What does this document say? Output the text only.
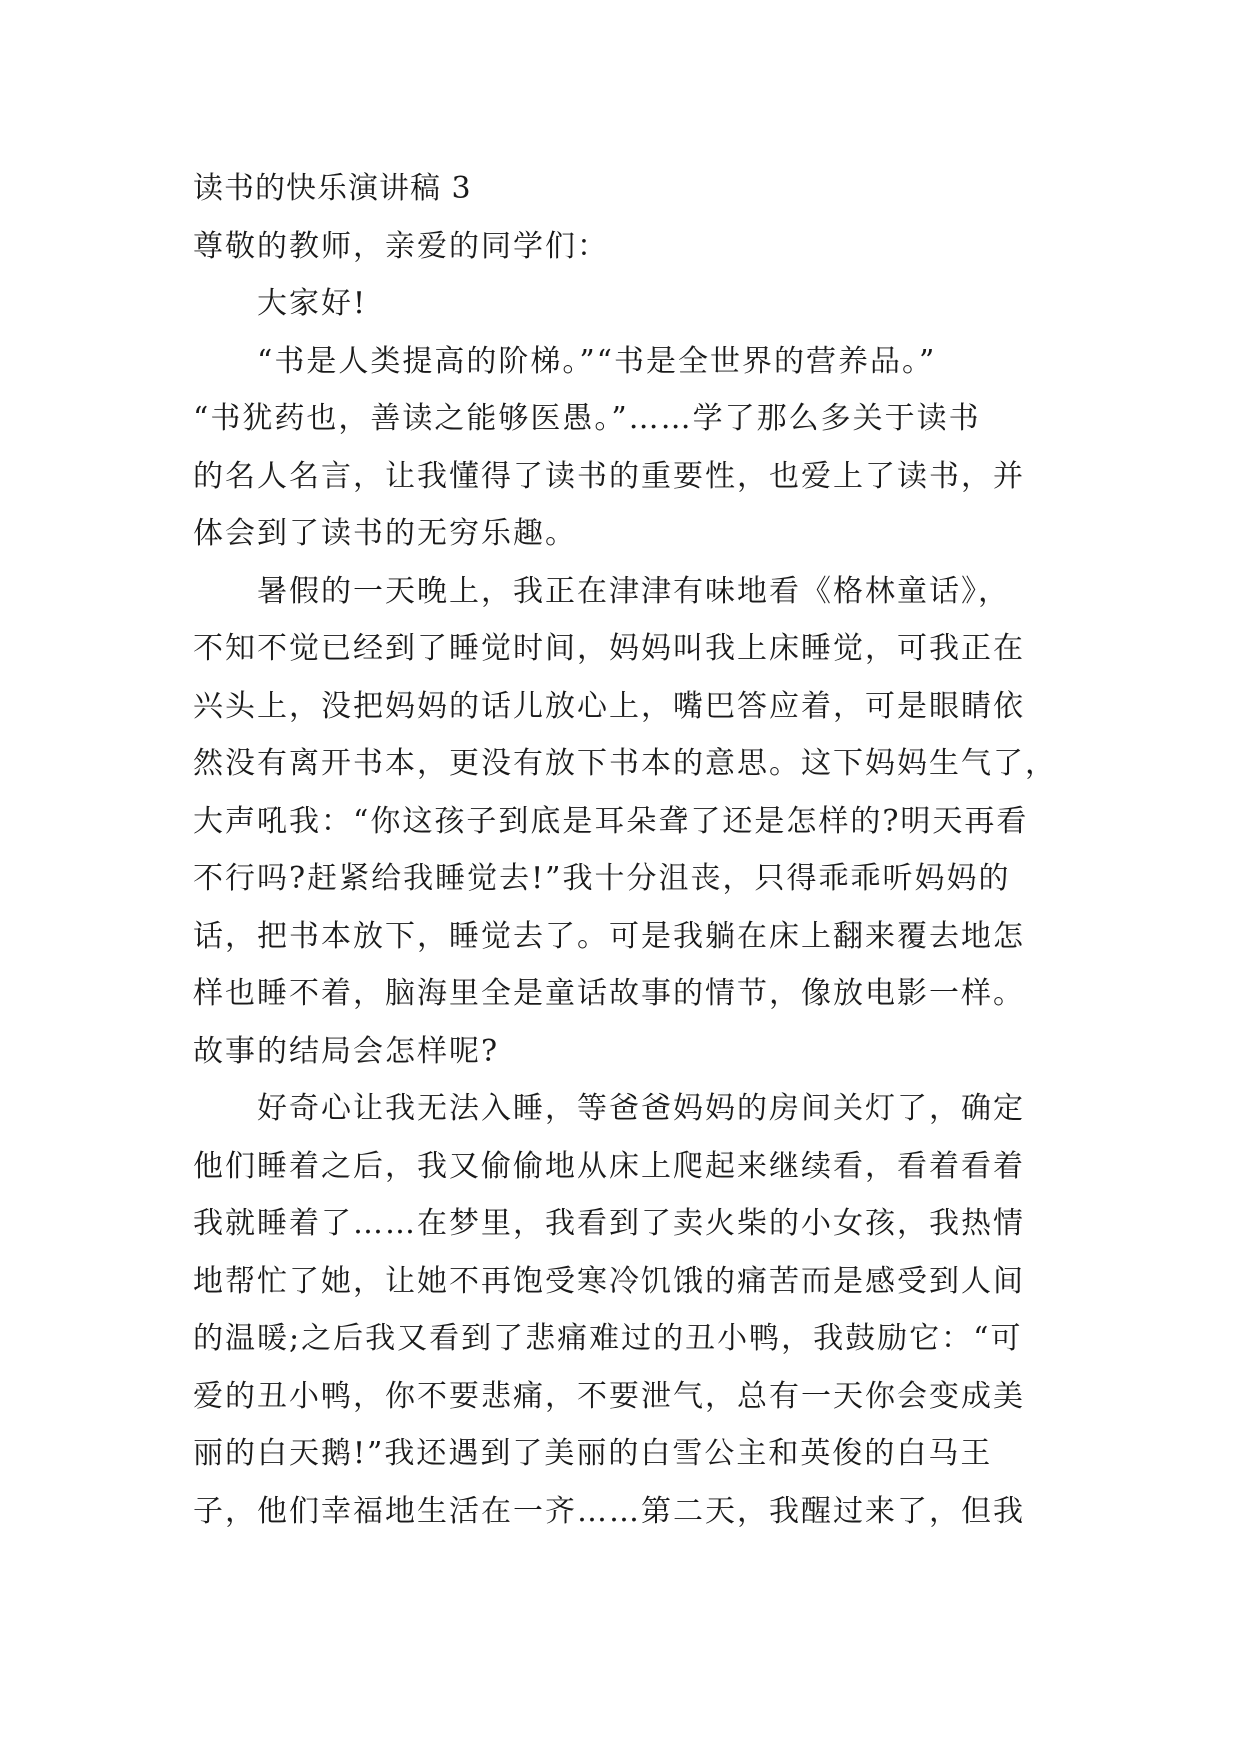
读书的快乐演讲稿 3
尊敬的教师，亲爱的同学们：
大家好!
“书是人类提高的阶梯。”“书是全世界的营养品。”
“书犹药也，善读之能够医愚。”……学了那么多关于读书
的名人名言，让我懂得了读书的重要性，也爱上了读书，并
体会到了读书的无穷乐趣。
暑假的一天晚上，我正在津津有味地看《格林童话》，
不知不觉已经到了睡觉时间，妈妈叫我上床睡觉，可我正在
兴头上，没把妈妈的话儿放心上，嘴巴答应着，可是眼睛依
然没有离开书本，更没有放下书本的意思。这下妈妈生气了，
大声吼我：“你这孩子到底是耳朵聋了还是怎样的?明天再看
不行吗?赶紧给我睡觉去!”我十分沮丧，只得乖乖听妈妈的
话，把书本放下，睡觉去了。可是我躺在床上翻来覆去地怎
样也睡不着，脑海里全是童话故事的情节，像放电影一样。
故事的结局会怎样呢?
好奇心让我无法入睡，等爸爸妈妈的房间关灯了，确定
他们睡着之后，我又偷偷地从床上爬起来继续看，看着看着
我就睡着了……在梦里，我看到了卖火柴的小女孩，我热情
地帮忙了她，让她不再饱受寒冷饥饿的痛苦而是感受到人间
的温暖;之后我又看到了悲痛难过的丑小鸭，我鼓励它：“可
爱的丑小鸭，你不要悲痛，不要泄气，总有一天你会变成美
丽的白天鹅!”我还遇到了美丽的白雪公主和英俊的白马王
子，他们幸福地生活在一齐……第二天，我醒过来了，但我
